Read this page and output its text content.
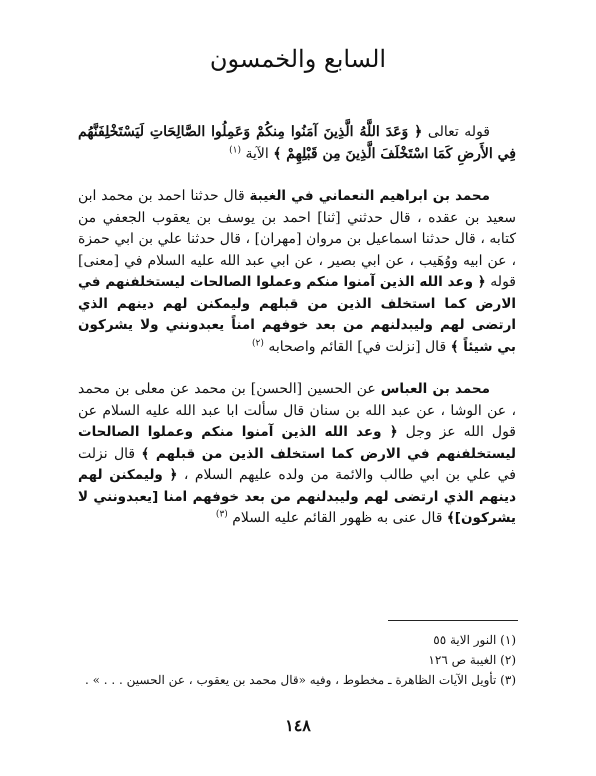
السابع والخمسون

قوله تعالى ﴿ وَعَدَ اللَّهُ الَّذِينَ آمَنُوا مِنكُمْ وَعَمِلُوا الصَّالِحَاتِ لَيَسْتَخْلِفَنَّهُم فِي الأَرضِ كَمَا اسْتَخْلَفَ الَّذِينَ مِن قَبْلِهِمْ ﴾ الآية $^{(١)}$

محمد بن ابراهيم النعماني في الغيبة قال حدثنا احمد بن محمد ابن سعيد بن عقده ، قال حدثني [ثنا] احمد بن يوسف بن يعقوب الجعفي من كتابه ، قال حدثنا اسماعيل بن مروان [مهران] ، قال حدثنا علي بن ابي حمزة ، عن ابيه ووُهَيب ، عن ابي بصير ، عن ابي عبد الله عليه السلام في [معنى] قوله ﴿ وعد الله الذين آمنوا منكم وعملوا الصالحات ليستخلفنهم في الارض كما استخلف الذين من قبلهم وليمكنن لهم دينهم الذي ارتضى لهم وليبدلنهم من بعد خوفهم امناً يعبدونني ولا يشركون بي شيئاً ﴾ قال [نزلت في] القائم واصحابه $^{(٢)}$

محمد بن العباس عن الحسين [الحسن] بن محمد عن معلى بن محمد ، عن الوشا ، عن عبد الله بن سنان قال سألت ابا عبد الله عليه السلام عن قول الله عز وجل ﴿ وعد الله الذين آمنوا منكم وعملوا الصالحات ليستخلفنهم في الارض كما استخلف الذين من قبلهم ﴾ قال نزلت في علي بن ابي طالب والائمة من ولده عليهم السلام ، ﴿ وليمكنن لهم دينهم الذي ارتضى لهم وليبدلنهم من بعد خوفهم امنا [يعبدونني لا يشركون]﴾ قال عنى به ظهور القائم عليه السلام $^{(٣)}$

(١) النور الاية ٥٥

(٢) الغيبة ص ١٢٦

(٣) تأويل الآيات الظاهرة ـ مخطوط ، وفيه «قال محمد بن يعقوب ، عن الحسين . . . » .

١٤٨
